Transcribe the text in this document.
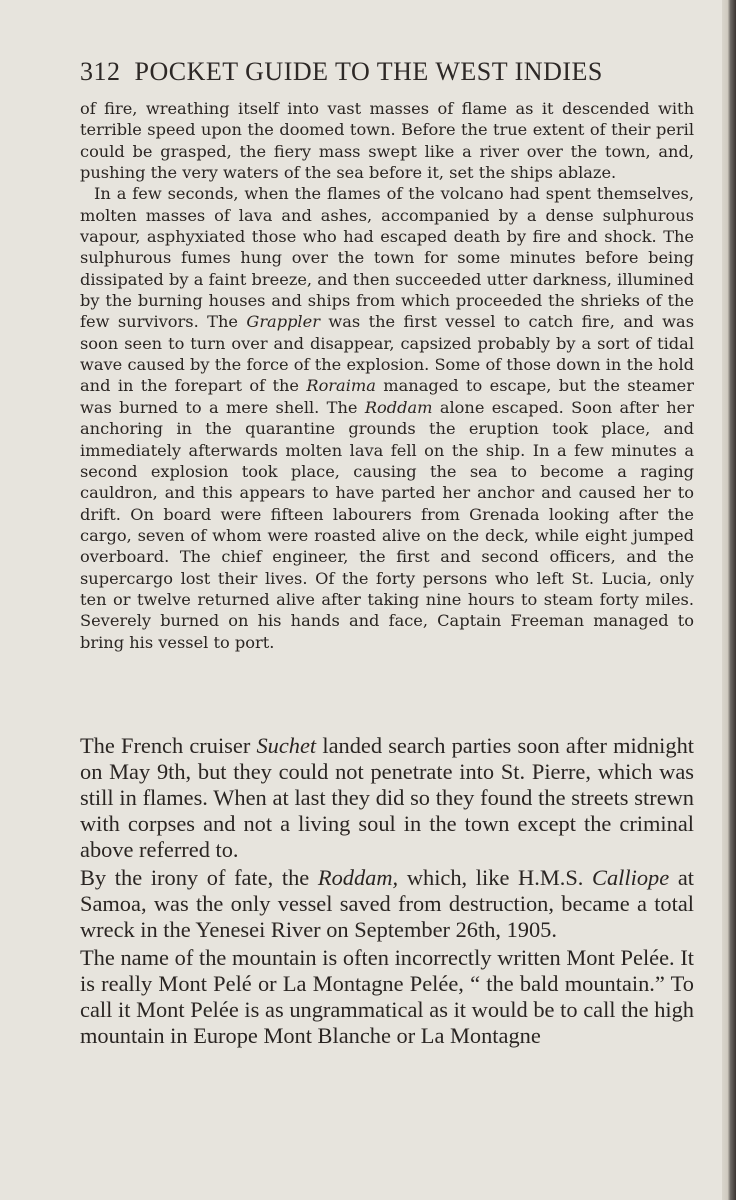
312 POCKET GUIDE TO THE WEST INDIES

of fire, wreathing itself into vast masses of flame as it descended with terrible speed upon the doomed town. Before the true extent of their peril could be grasped, the fiery mass swept like a river over the town, and, pushing the very waters of the sea before it, set the ships ablaze.

In a few seconds, when the flames of the volcano had spent themselves, molten masses of lava and ashes, accompanied by a dense sulphurous vapour, asphyxiated those who had escaped death by fire and shock. The sulphurous fumes hung over the town for some minutes before being dissipated by a faint breeze, and then succeeded utter darkness, illumined by the burning houses and ships from which proceeded the shrieks of the few survivors. The Grappler was the first vessel to catch fire, and was soon seen to turn over and disappear, capsized probably by a sort of tidal wave caused by the force of the explosion. Some of those down in the hold and in the forepart of the Roraima managed to escape, but the steamer was burned to a mere shell. The Roddam alone escaped. Soon after her anchoring in the quarantine grounds the eruption took place, and immediately afterwards molten lava fell on the ship. In a few minutes a second explosion took place, causing the sea to become a raging cauldron, and this appears to have parted her anchor and caused her to drift. On board were fifteen labourers from Grenada looking after the cargo, seven of whom were roasted alive on the deck, while eight jumped overboard. The chief engineer, the first and second officers, and the supercargo lost their lives. Of the forty persons who left St. Lucia, only ten or twelve returned alive after taking nine hours to steam forty miles. Severely burned on his hands and face, Captain Freeman managed to bring his vessel to port.

The French cruiser Suchet landed search parties soon after midnight on May 9th, but they could not penetrate into St. Pierre, which was still in flames. When at last they did so they found the streets strewn with corpses and not a living soul in the town except the criminal above referred to.

By the irony of fate, the Roddam, which, like H.M.S. Calliope at Samoa, was the only vessel saved from destruction, became a total wreck in the Yenesei River on September 26th, 1905.

The name of the mountain is often incorrectly written Mont Pelée. It is really Mont Pelé or La Montagne Pelée, “ the bald mountain.” To call it Mont Pelée is as ungrammatical as it would be to call the high mountain in Europe Mont Blanche or La Montagne
